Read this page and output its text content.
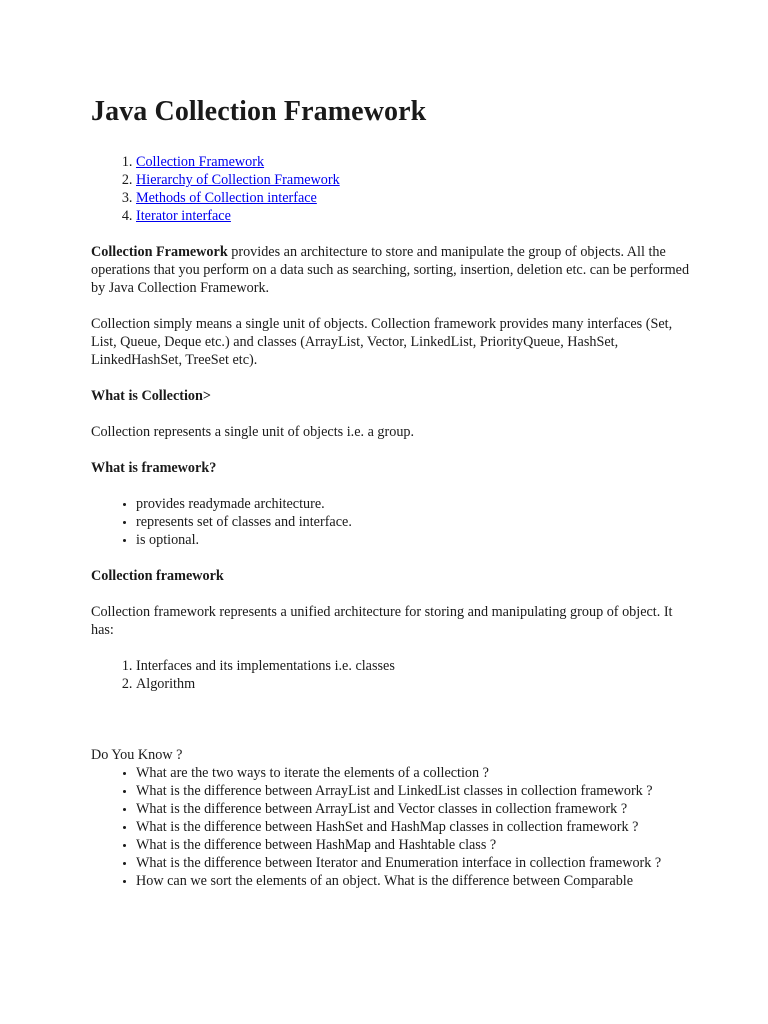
Java Collection Framework
1. Collection Framework
2. Hierarchy of Collection Framework
3. Methods of Collection interface
4. Iterator interface

Collection Framework provides an architecture to store and manipulate the group of objects. All the operations that you perform on a data such as searching, sorting, insertion, deletion etc. can be performed by Java Collection Framework.

Collection simply means a single unit of objects. Collection framework provides many interfaces (Set, List, Queue, Deque etc.) and classes (ArrayList, Vector, LinkedList, PriorityQueue, HashSet, LinkedHashSet, TreeSet etc).

What is Collection>

Collection represents a single unit of objects i.e. a group.

What is framework?

• provides readymade architecture.
• represents set of classes and interface.
• is optional.

Collection framework

Collection framework represents a unified architecture for storing and manipulating group of object. It has:

1. Interfaces and its implementations i.e. classes
2. Algorithm

Do You Know ?

• What are the two ways to iterate the elements of a collection ?
• What is the difference between ArrayList and LinkedList classes in collection framework ?
• What is the difference between ArrayList and Vector classes in collection framework ?
• What is the difference between HashSet and HashMap classes in collection framework ?
• What is the difference between HashMap and Hashtable class ?
• What is the difference between Iterator and Enumeration interface in collection framework ?
• How can we sort the elements of an object. What is the difference between Comparable
